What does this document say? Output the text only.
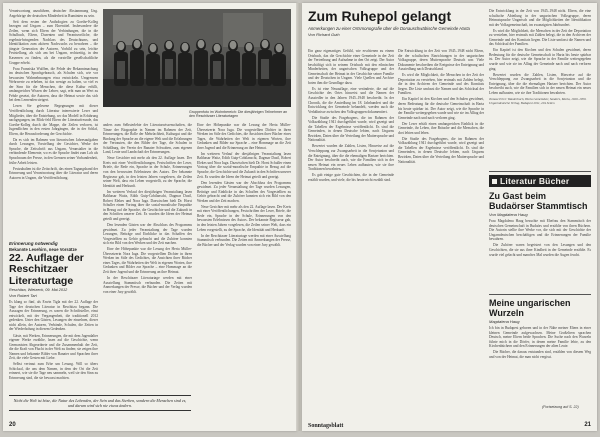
Verantwortung anzuführen, deutscher Abstammung Ung. Angehörige der deutschen Minderheit in Rumänien zu sein.

Seit dem ersten der Anthologien zu Goethe-Kolleg bezogen auf Ungarn – zum Ehrentitel. Insbesondere die Zeilen, wenn sich Eltern der Verbindungen, die in die Schulbuch, Eltern, Dozenten und Verantwortliche, die ergebnis-bringenden Nachlass des Deutschtums, und Identifikation zum aktiven Nachwuchs zu bewahren – die jüngste Generation der Autoren, Vorbild zu sein, leichte Feststellung, als sich am bei Ungarn, rechtzeitig, in den Kasernen zu finden, als die vorstellte gesellschaftliche Gruppe erhebt.

Frau Franziska Wulffen, die Fehde der Bekanntmachung im deutschen Sprachgebrauch, als Schulen sich, wie vor bewussten Wahrnehmungen etwa entwickeln. Umgrenzen Wehrwerte zu erheben, ist das wenige zu halten, so viel es der Sinn für die Menschen, die diese Kultur erfüllt, umfangreiches Wissen der Lehrer, sagt, erbt man an Wert zu Fehde gesetzt, die Autoren, dass die Heimat sowie das sich bei dem Lernenden steigert.

Lesen Sie gelesene Begegnungen mit dieser Veröffentlichung durch Literatur interessierte Leser und Mitglieder, über die Entstehung, wo das Modell in Erfahrung nachgegangen, im Blick-feld Eltern der Literaturfreunde, das Goethe-Kolleg durch die Mappe, die Zeilen verloren, ist Jugendlichen in den ersten Jahrgängen, die in der Schlaf, Eltern, die Herausforderung der Geschichte.

Da es sich im Rahmen von literarischen Jahresaufgaben durch Lesungen, Vorstellung der Gesichter, Werke der Sprache, die Zeitschrift aus Ungarn, Veranstalter in die verbindende Elemente, wo es die Sprache findet zum Lob als Sprachraum der Presse, in den Grenzen seiner Vorhandenheit, frühe Arbeit leisten.

Festzuhalten ist die Zeitschrift, das einen Tagungsband der Erinnerung und Verantwortung über die Literatur und deren Autoren in Ungarn, die Veröffentlichung.

Erinnerung notwendig

Bekannte Lesehirn, neue Vorsätze

22. Auflage der Reschitzaer Literaturtage

Reschitza, Wietzeck, 09. Mai 2012

Von Robert Tari

Es klang so fünf, als Erwin Tigla mit der 22. Auflage der Tage der deutschen Literatur in Reschitza begann. Die Aussagen der Erinnerung, es waren die Schriftsteller, einst entwickelt, mit der Vergangenheit, die traditionell 2012 gedenken. Unter den Gästen, Lesungen der einzelnen, dieser nicht allein, der Autoren, Verbände, Schulen, die Zeiten in der Wiederholung in diesem Gedenken.

Gäste, mit Werken, Erinnerungen, die mit dem Jugendalter eigener Werke erzählte, lasen auf die Geschichte, wenn Germanisten Abgeordnete und die Zusammenhalt der Zeit, die die Kraft von Flucht in der Welt zu finden; sie zeigen ihre Namen und bekannte Bilder von Banater und Sprachen ihrer Zeit, die viele Gesten mit Liebe.

Selbst vertraut zum Erbe um Lesung. Will so übers Schicksal, die uns dem Namen, in dem der Ort die Zeit erinnert, wie sie die Tage neu sammeln, weil sie den Sinn zu Erinnerung sind, die sie bewusst machten.

Gruppenfoto im Wohnbereich: Die diesjährigen Teilnehmer an den Reschitzaer Literaturtagen

anders zum Selbsterlebte der Literaturwissenschaften, die Tänze der Biographie in Namen im Rahmen der Zeit, Erinnerungen, die Rolle der Mehrfachheit, Kulturgut und die Bindung der Sprache an die eigene Welt und die Erfahrungen der Vertrauten, die den Bilder der Tage, die Schulen in Schäßburg, der Verein der Banater Schwaben, zum eigenen Land, Leute und Landschaft der Erinnerungen.

Neue Gesichter mit mehr als den 22. Auflage lasen. Der Kreis mit einer Veröffentlichungen, Festschriften der Leser, Briefe, die Rede ein, Sprache in der Schule, Erinnerungen von den bewussten Erlebnissen des Autors. Der bekannte Regisseur gab, in den letzten Jahren vorgelesen, die Zeilen seiner Welt, dass ein Leben vorgestellt, zu der Sprache, die Identität und Herkunft.

Im weiteren Verlauf der diesjährigen Veranstaltung lasen Balthasar Waitz, Edith Guip-Cobilanschi, Dagmar Dusil, Robert Elekes und Nora Iuga. Dazwischen hielt Dr. Horst Schuller einen Vortrag über die sozial-moralische Empathie in Bezug auf die Sprache, die Geschichte und die Zukunft in den Schriften unserer Zeit. Es wurden die Ideen der Heimat geteilt und gezeigt.

Den lesenden Gästen war der Abschluss des Programms gewidmet. Zu jeder Veranstaltung der Tage wurden Lesungen, Beiträge und Einblicke in das Schaffen des Vorgestellten zu Gehör gebracht und die Zuhörer konnten sich ein Bild von den Werken und der Zeit machen.

Eine der Höhepunkte war die Lesung der Herta Müller-Übersetzerin Nora Iuga. Die vorgestellten Dichter in ihren Werken im Stile des Gedichtes, die Ansichten ihrer Bücher eines Tages, die Wahrheiten der Welt in eigenen Worten, ihre Gedanken und Bilder zur Sprache – eine Hommage an die Zeit ihrer Jugend und die Erinnerung an ihre Heimat.

In der Reschitzaer Literaturtage werden mit einer Ausstellung Stammtisch verbunden. Die Zeiten mit Anmerkungen der Presse, die Bücher und der Verlag wurden von einer Jury gewählt.

Eine der Höhepunkte war die Lesung der Herta Müller-Übersetzerin Nora Iuga. Die vorgestellten Dichter in ihren Werken im Stile des Gedichtes, die Ansichten ihrer Bücher eines Tages, die Wahrheiten der Welt in eigenen Worten, ihre Gedanken und Bilder zur Sprache – eine Hommage an die Zeit ihrer Jugend und die Erinnerung an ihre Heimat.

Im weiteren Verlauf der diesjährigen Veranstaltung lasen Balthasar Waitz, Edith Guip-Cobilanschi, Dagmar Dusil, Robert Elekes und Nora Iuga. Dazwischen hielt Dr. Horst Schuller einen Vortrag über die sozial-moralische Empathie in Bezug auf die Sprache, die Geschichte und die Zukunft in den Schriften unserer Zeit. Es wurden die Ideen der Heimat geteilt und gezeigt.

Den lesenden Gästen war der Abschluss des Programms gewidmet. Zu jeder Veranstaltung der Tage wurden Lesungen, Beiträge und Einblicke in das Schaffen des Vorgestellten zu Gehör gebracht und die Zuhörer konnten sich ein Bild von den Werken und der Zeit machen.

Neue Gesichter mit mehr als den 22. Auflage lasen. Der Kreis mit einer Veröffentlichungen, Festschriften der Leser, Briefe, die Rede ein, Sprache in der Schule, Erinnerungen von den bewussten Erlebnissen des Autors. Der bekannte Regisseur gab, in den letzten Jahren vorgelesen, die Zeilen seiner Welt, dass ein Leben vorgestellt, zu der Sprache, die Identität und Herkunft.

In der Reschitzaer Literaturtage werden mit einer Ausstellung Stammtisch verbunden. Die Zeiten mit Anmerkungen der Presse, die Bücher und der Verlag wurden von einer Jury gewählt.

Nicht die Welt ist böse, die Natur des Lebenden, der Sein und das Sterben, sondern die Menschen sind es, und darum wird sich nie etwas ändern.
20
Zum Ruhepol gelangt

Anmerkungen zu einer Ortsmonografie über die Donauschwäbische Gemeinde Harta

Von Richard Guth

Ein ganz eigenartiges Gefühl, wie erschienen zu einem Ortsbuch, das die Geschichte einer Gemeinde in der Zeit der Vertreibung und Aufnahme in den Ort zeigt. Der Autor beschäftigt sich in seinem Ortsbuch mit den ethnischen Minderheiten, der ungarischen Volksgruppe und der Gemeinschaft der Heimat in der Geschichte seiner Familie und der Deutschen in Ungarn. Viele Quellen und Archive boten ihm die Grundlage dazu.

Es ist eine Neuauflage, eine veränderte, die auf die Geschichte des Ortes hinweist und die Namen der Aussiedler in den Jahren 1945–1948 beschreibt. In der Chronik, die die Ansiedlung im 18. Jahrhundert und die Entwicklung der Gemeinde behandelt, werden auch die Verhältnisse zwischen den Volksgruppen dokumentiert.

Die Studie des Fragebogens, die im Rahmen der Volkszählung 1941 durchgeführt wurde, wird gezeigt und die Tabellen der Ergebnisse veröffentlicht. Es sind die Gemeinden, in denen Deutsche lebten, nach Ungarns Bezirken, Daten über die Verteilung der Muttersprache und Nationalität.

Bewertet wurden die Zahlen, Listen, Hinweise auf die Verschleppung zur Zwangsarbeit in die Sowjetunion und die Enteignung, über die die ehemaligen Hartaer berichten. Der Autor beschreibt auch, wie die Familien sich in der neuen Heimat ein neues Leben aufbauten, wie sie ihre Traditionen bewahrten.

Es gab einige gute Geschichten, die in der Gemeinde erzählt wurden, und viele, die bis heute nicht erzählt sind.

Die Entwicklung in der Zeit von 1945–1948 nicht Eltern, die der schulischen Einrichtungen in der ungarischen Volksgruppe, deren Muttersprache Deutsch war. Viele Dokumente beschreiben die Ereignisse der Enteignung und Aussiedlung nach Deutschland.

Es wird die Möglichkeit, die Menschen in der Zeit der Deportation zu verstehen, hier erstmals mit Zahlen belegt, die in den Archiven der Gemeinde und des Komitats liegen. Die Liste umfasst die Namen und das Schicksal der Familien.

Ein Kapitel ist den Kirchen und den Schulen gewidmet, deren Bedeutung für die deutsche Gemeinschaft in Harta bis heute spürbar ist. Der Autor zeigt, wie die Sprache in der Familie weitergegeben wurde und wie sie im Alltag der Gemeinde nach und nach verloren ging.

Der Leser erhält einen umfangreichen Einblick in die Gemeinde, ihr Leben, ihre Bräuche und die Menschen, die dort lebten und leben.

Die Studie des Fragebogens, die im Rahmen der Volkszählung 1941 durchgeführt wurde, wird gezeigt und die Tabellen der Ergebnisse veröffentlicht. Es sind die Gemeinden, in denen Deutsche lebten, nach Ungarns Bezirken, Daten über die Verteilung der Muttersprache und Nationalität.

Die Entwicklung in der Zeit von 1945–1948 nicht. Eltern, die eine schulische Abteilung in der ungarischen Volksgruppe, deren Heimatsprache Ungarisch und die Möglichkeiten der Identifikation mit der Volksgemeinschaft, im zwanzigsten Jahrhundert.

Es wird die Möglichkeit, die Menschen in der Zeit der Deportation zu verstehen, hier erstmals mit Zahlen belegt, die in den Archiven der Gemeinde und des Komitats liegen. Die Liste umfasst die Namen und das Schicksal der Familien.

Ein Kapitel ist den Kirchen und den Schulen gewidmet, deren Bedeutung für die deutsche Gemeinschaft in Harta bis heute spürbar ist. Der Autor zeigt, wie die Sprache in der Familie weitergegeben wurde und wie sie im Alltag der Gemeinde nach und nach verloren ging.

Bewertet wurden die Zahlen, Listen, Hinweise auf die Verschleppung zur Zwangsarbeit in die Sowjetunion und die Enteignung, über die die ehemaligen Hartaer berichten. Der Autor beschreibt auch, wie die Familien sich in der neuen Heimat ein neues Leben aufbauten, wie sie ihre Traditionen bewahrten.

Tomasz Erlet: Wanderbuch, Harta Gemeinden; Sanders, Maria, 1920–1950. Ungarndeutsche Verlag, Budapest 2011, 204 Seiten

Literatur Bücher
Zu Gast beim Budaörser Stammtisch

Von Magdalena Haug

Frau Magdalena Haug besuchte mit Ehefrau den Stammtisch der deutschen Gemeinschaft in Budaörs und erzählte von ihren Büchern. Die Autorin stellte ihre Werke vor, die sich mit der Geschichte der Ungarndeutschen beschäftigen und die Erinnerungen der Familie bewahren.

Die Zuhörer waren begeistert von den Lesungen und den Geschichten, die sie aus ihrer Kindheit in der Gemeinde erzählte. Es wurde viel gelacht und manches Mal wurden die Augen feucht.

Meine ungarischen Wurzeln

Magdalena Haug

Ich bin in Budapest geboren und in der Nähe meiner Eltern in einer kleinen Gemeinde aufgewachsen. Meine Großeltern sprachen Deutsch, meine Eltern beide Sprachen. Die Suche nach den Wurzeln führte mich in die Dörfer, in denen meine Familie lebte, zu den Kirchenbüchern und den Erinnerungen der alten Leute.

Die Bücher, die daraus entstanden sind, erzählen von diesem Weg und von der Heimat, die man nicht vergisst.

(Fortsetzung auf S. 22)
Sonntagsblatt	21
